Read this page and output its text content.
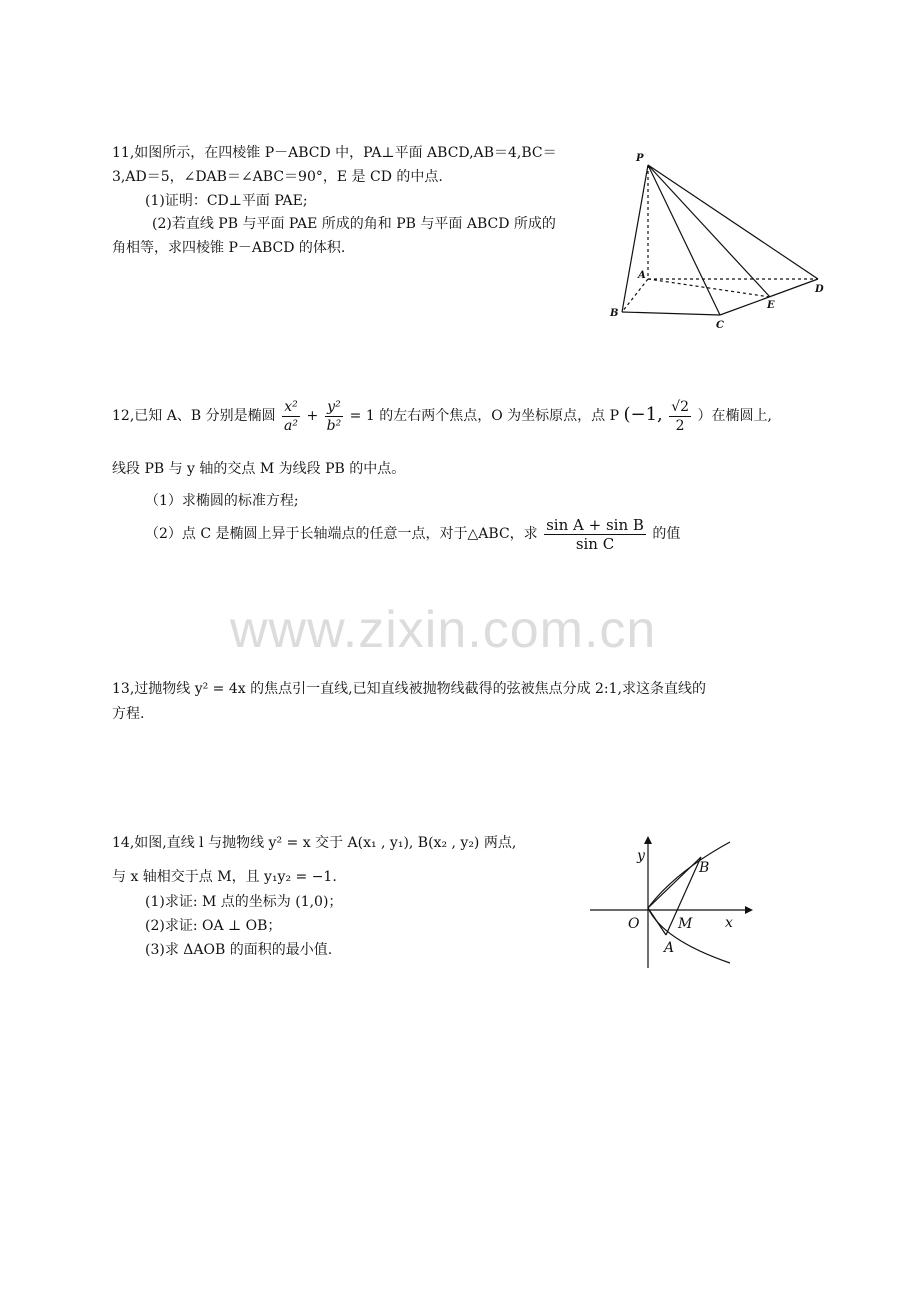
www.zixin.com.cn
11,如图所示，在四棱锥 P－ABCD 中，PA⊥平面 ABCD,AB＝4,BC＝
3,AD＝5，∠DAB＝∠ABC＝90°，E 是 CD 的中点.
(1)证明：CD⊥平面 PAE;
(2)若直线 PB 与平面 PAE 所成的角和 PB 与平面 ABCD 所成的
角相等，求四棱锥 P－ABCD 的体积.
P
A
B
C
D
E
12,已知 A、B 分别是椭圆 $\frac{\text{x²}}{\text{a²}} + \frac{\text{y²}}{\text{b²}} = 1$ 的左右两个焦点，O 为坐标原点，点 P (−1, $\frac{√2}{2}$ ）在椭圆上,
线段 PB 与 y 轴的交点 M 为线段 PB 的中点。
（1）求椭圆的标准方程;
（2）点 C 是椭圆上异于长轴端点的任意一点，对于△ABC，求 $\frac{\text{sin A + sin B}}{\text{sin C}}$ 的值
13,过抛物线 y² = 4x 的焦点引一直线,已知直线被抛物线截得的弦被焦点分成 2:1,求这条直线的
方程.
14,如图,直线 l 与抛物线 y² = x 交于 A(x₁ , y₁), B(x₂ , y₂) 两点,
与 x 轴相交于点 M，且 y₁y₂ = −1.
(1)求证: M 点的坐标为 (1,0)；
(2)求证: OA ⊥ OB；
(3)求 ΔAOB 的面积的最小值.
y
x
O
B
M
A
